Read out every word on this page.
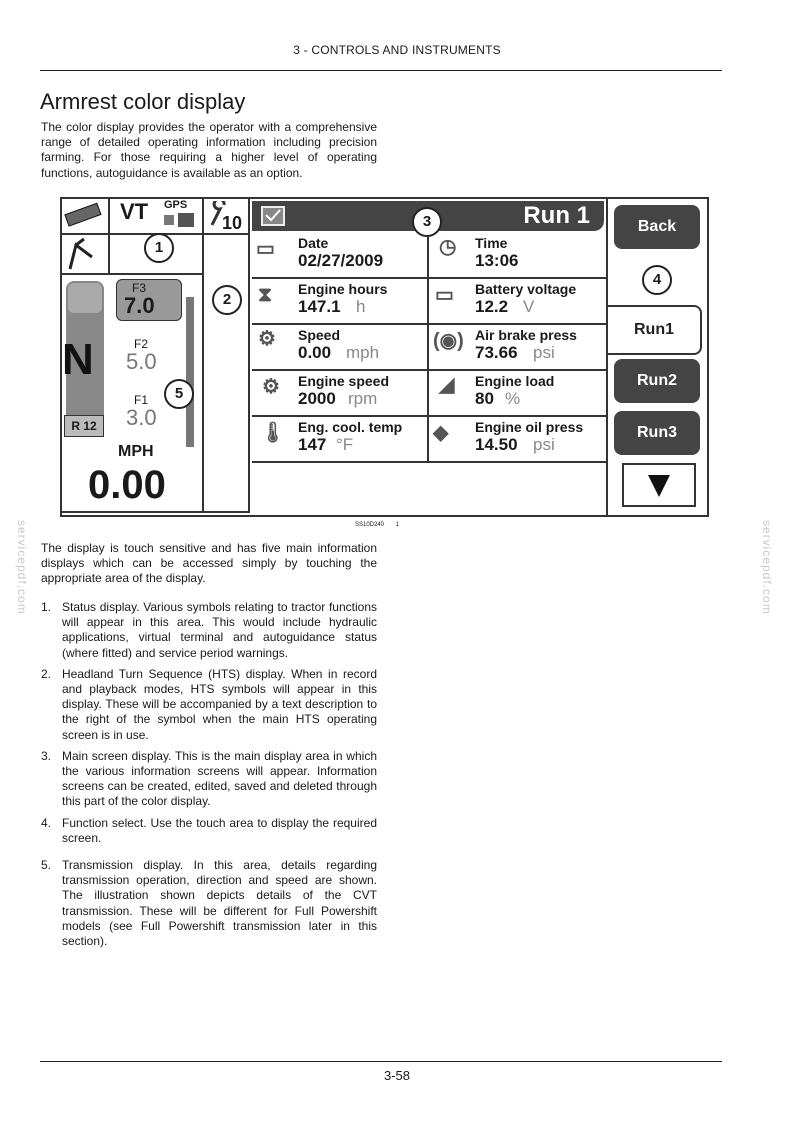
3 - CONTROLS AND INSTRUMENTS
Armrest color display

The color display provides the operator with a comprehensive range of detailed operating information including precision farming. For those requiring a higher level of operating functions, autoguidance is available as an option.

VT GPS
10
N
R 12
F3
7.0
F2
5.0
F1
3.0
MPH
0.00
Run 1
▭ Date
02/27/2009
◷ Time
13:06
⧗ Engine hours
147.1 h
▭ Battery voltage
12.2 V
⚙ Speed
0.00 mph
(◉) Air brake press
73.66 psi
⚙ Engine speed
2000 rpm
◢ Engine load
80 %
🌡 Eng. cool. temp
147 °F
◆ Engine oil press
14.50 psi
Back
Run1
Run2
Run3
1
2
3
4
5
SS10D240 1
servicepdf.com	servicepdf.com

The display is touch sensitive and has five main information displays which can be accessed simply by touching the appropriate area of the display.

1. Status display. Various symbols relating to tractor functions will appear in this area. This would include hydraulic applications, virtual terminal and autoguidance status (where fitted) and service period warnings.
2. Headland Turn Sequence (HTS) display. When in record and playback modes, HTS symbols will appear in this display. These will be accompanied by a text description to the right of the symbol when the main HTS operating screen is in use.
3. Main screen display. This is the main display area in which the various information screens will appear. Information screens can be created, edited, saved and deleted through this part of the color display.
4. Function select. Use the touch area to display the required screen.
5. Transmission display. In this area, details regarding transmission operation, direction and speed are shown. The illustration shown depicts details of the CVT transmission. These will be different for Full Powershift models (see Full Powershift transmission later in this section).
3-58
